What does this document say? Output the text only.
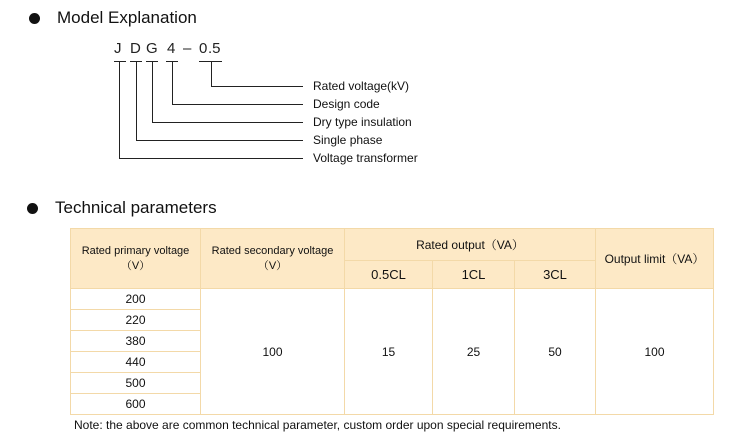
Model Explanation
J D G 4 – 0 .5
Rated voltage(kV)
Design code
Dry type insulation
Single phase
Voltage transformer
Technical parameters
Rated primary voltage（V）	Rated secondary voltage（V）	Rated output（VA）			Output limit（VA）
		0.5CL	1CL	3CL	
200	100	15	25	50	100
220					
380					
440					
500					
600					
Note: the above are common technical parameter, custom order upon special requirements.
